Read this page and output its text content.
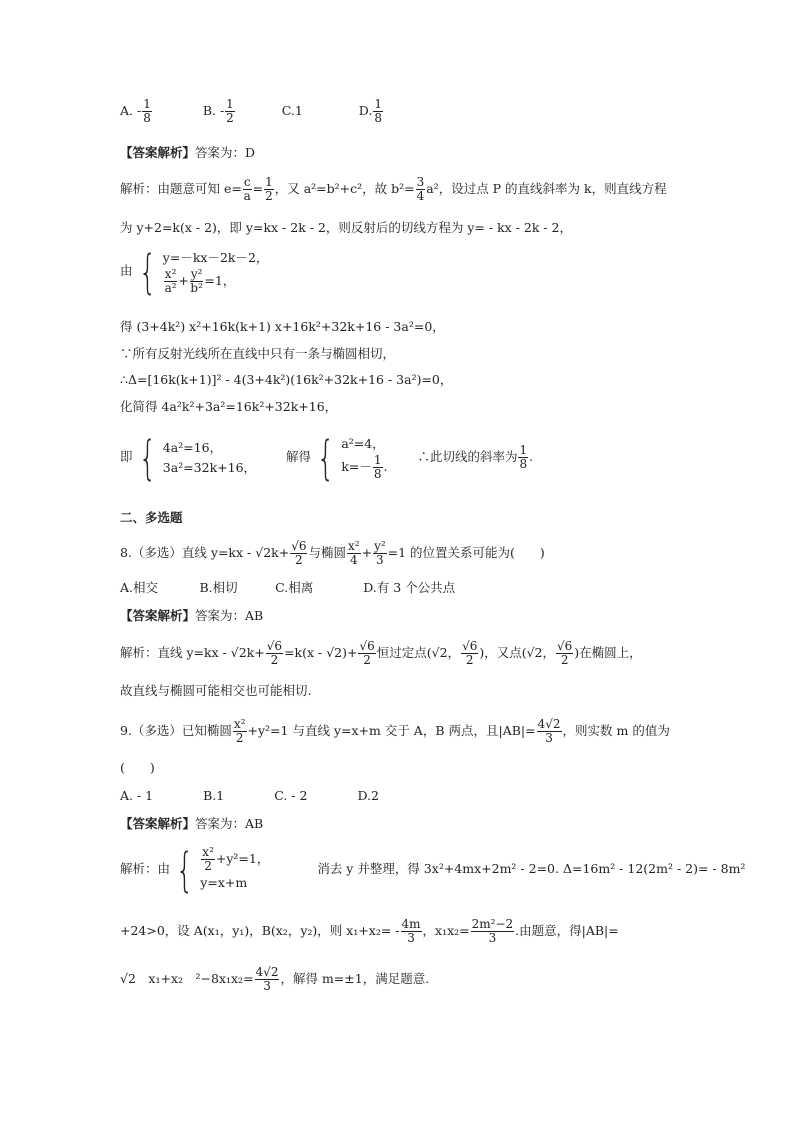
A. - $\frac{1}{8}$	B. - $\frac{1}{2}$	C.1	D. $\frac{1}{8}$
【答案解析】答案为：D
解析：由题意可知 $e= \frac{c}{a} = \frac{1}{2}$ ，又 a²=b²+c²，故 $b^2= \frac{3}{4} a^2$，设过点 P 的直线斜率为 k，则直线方程
为 y+2=k(x - 2)，即 y=kx - 2k - 2，则反射后的切线方程为 y= - kx - 2k - 2，
由 { y=－kx－2k－2，
$\frac{\text{x²}}{\text{a²}} + \frac{\text{y²}}{\text{b²}} =1$，
得 (3+4k²) x²+16k(k+1) x+16k²+32k+16 - 3a²=0，
∵所有反射光线所在直线中只有一条与椭圆相切，
∴Δ=[16k(k+1)]² - 4(3+4k²)(16k²+32k+16 - 3a²)=0，
化简得 4a²k²+3a²=16k²+32k+16，
即 { 4a²=16，
3a²=32k+16，
解得 { a²=4，
$k=- \frac{1}{8}$ .
∴此切线的斜率为 $\frac{1}{8}$ .
二、多选题
8.（多选）直线 $y=kx - √2k+ \frac{√6}{2}$ 与椭圆 $\frac{\text{x²}}{4} + \frac{\text{y²}}{3} =1$ 的位置关系可能为(　　)
A.相交　　　 B.相切　　　C.相离　　　　D.有 3 个公共点
【答案解析】答案为：AB
解析：直线 $y=kx - √2k+ \frac{√6}{2} =k(x - √2)+ \frac{√6}{2}$ 恒过定点(√2， $\frac{√6}{2}$ )，又点(√2， $\frac{√6}{2}$ )在椭圆上，
故直线与椭圆可能相交也可能相切.
9.（多选）已知椭圆 $\frac{\text{x²}}{2} +y^2=1$ 与直线 y=x+m 交于 A，B 两点，且$|AB|= \frac{4√2}{3}$ ，则实数 m 的值为
(　　)
A. - 1　　　　B.1　　　　C. - 2　　　　D.2
【答案解析】答案为：AB
解析：由 { $\frac{\text{x²}}{2} +y^2=1$，
y=x+m
消去 y 并整理，得 3x²+4mx+2m² - 2=0. Δ=16m² - 12(2m² - 2)= - 8m²
+24>0，设 A(x₁，y₁)，B(x₂，y₂)，则 $x_1+x_2= - \frac{4m}{3}$ ，$x_1x_2= \frac{\text{2m²−2}}{3}$ .由题意，得|AB|=
√2　x₁+x₂　$^2-8x_1x_2= \frac{4√2}{3}$ ，解得 m=±1，满足题意.
